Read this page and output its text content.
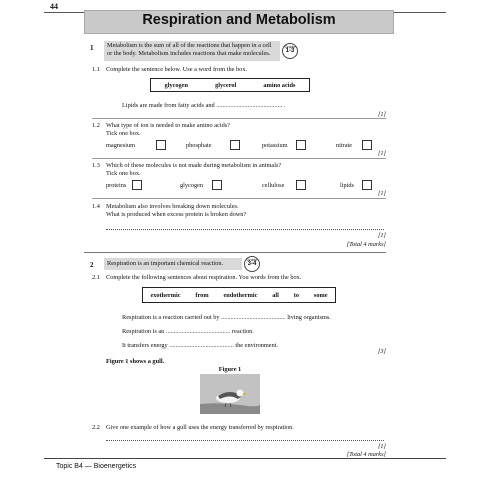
44
Respiration and Metabolism
1 Metabolism is the sum of all of the reactions that happen in a cell
or the body. Metabolism includes reactions that make molecules.
Grade
1-3
1.1 Complete the sentence below. Use a word from the box.
glycogen	glycerol	amino acids
Lipids are made from fatty acids and .......................................... .
[1]
1.2 What type of ion is needed to make amino acids?
Tick one box.
magnesium	phosphate	potassium	nitrate
[1]
1.3 Which of these molecules is not made during metabolism in animals?
Tick one box.
proteins	glycogen	cellulose	lipids
[1]
1.4 Metabolism also involves breaking down molecules.
What is produced when excess protein is broken down?
[1]
[Total 4 marks]
2 Respiration is an important chemical reaction.
Grade
3-4
2.1 Complete the following sentences about respiration. You words from the box.
exothermic from endothermic all to some
Respiration is a reaction carried out by ......................................... living organisms.
Respiration is an ......................................... reaction.
It transfers energy ......................................... the environment.
[3]
Figure 1 shows a gull.
Figure 1
2.2 Give one example of how a gull uses the energy transferred by respiration.
[1]
[Total 4 marks]
Topic B4 — Bioenergetics
